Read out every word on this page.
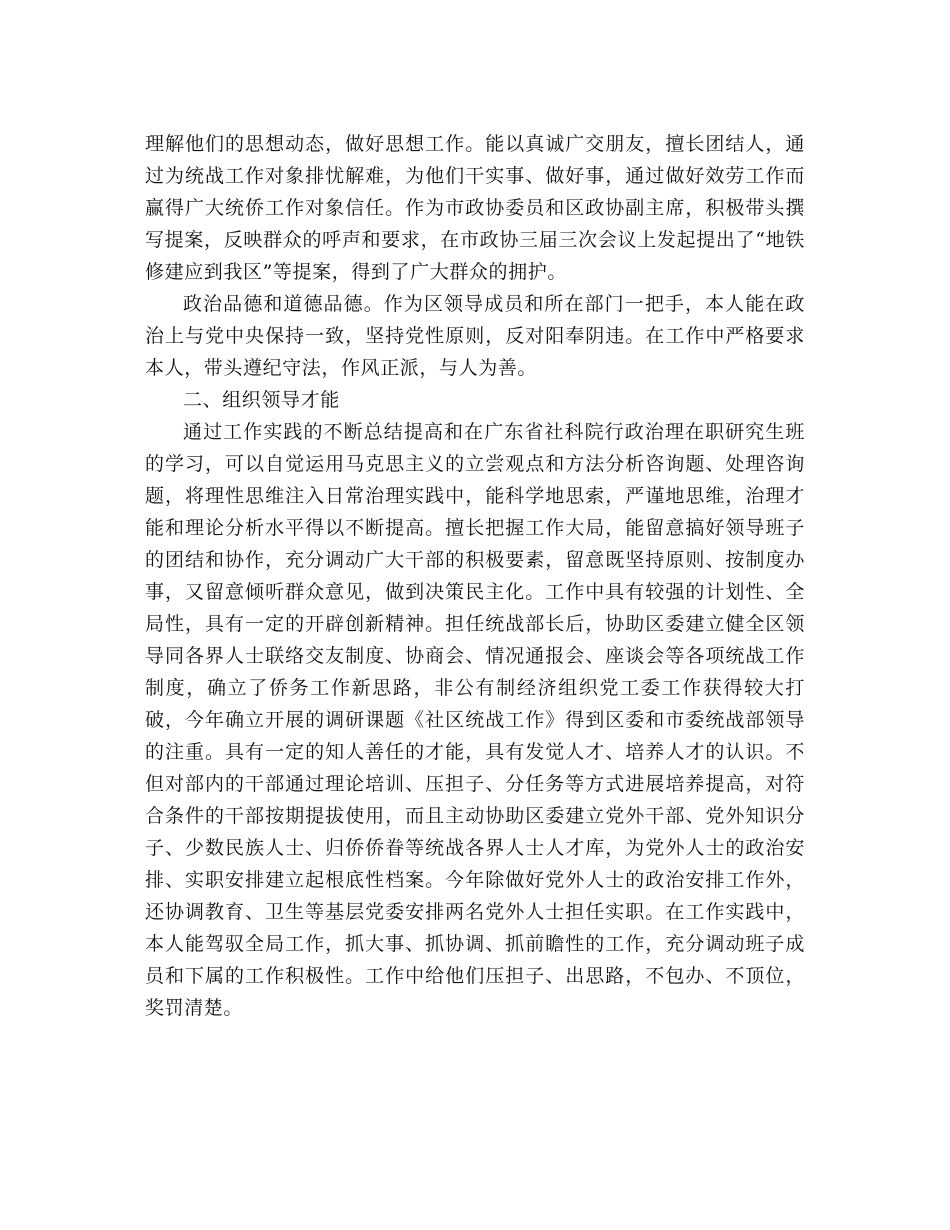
理解他们的思想动态，做好思想工作。能以真诚广交朋友，擅长团结人，通过为统战工作对象排忧解难，为他们干实事、做好事，通过做好效劳工作而赢得广大统侨工作对象信任。作为市政协委员和区政协副主席，积极带头撰写提案，反映群众的呼声和要求，在市政协三届三次会议上发起提出了“地铁修建应到我区”等提案，得到了广大群众的拥护。

政治品德和道德品德。作为区领导成员和所在部门一把手，本人能在政治上与党中央保持一致，坚持党性原则，反对阳奉阴违。在工作中严格要求本人，带头遵纪守法，作风正派，与人为善。

二、组织领导才能

通过工作实践的不断总结提高和在广东省社科院行政治理在职研究生班的学习，可以自觉运用马克思主义的立尝观点和方法分析咨询题、处理咨询题，将理性思维注入日常治理实践中，能科学地思索，严谨地思维，治理才能和理论分析水平得以不断提高。擅长把握工作大局，能留意搞好领导班子的团结和协作，充分调动广大干部的积极要素，留意既坚持原则、按制度办事，又留意倾听群众意见，做到决策民主化。工作中具有较强的计划性、全局性，具有一定的开辟创新精神。担任统战部长后，协助区委建立健全区领导同各界人士联络交友制度、协商会、情况通报会、座谈会等各项统战工作制度，确立了侨务工作新思路，非公有制经济组织党工委工作获得较大打破，今年确立开展的调研课题《社区统战工作》得到区委和市委统战部领导的注重。具有一定的知人善任的才能，具有发觉人才、培养人才的认识。不但对部内的干部通过理论培训、压担子、分任务等方式进展培养提高，对符合条件的干部按期提拔使用，而且主动协助区委建立党外干部、党外知识分子、少数民族人士、归侨侨眷等统战各界人士人才库，为党外人士的政治安排、实职安排建立起根底性档案。今年除做好党外人士的政治安排工作外，还协调教育、卫生等基层党委安排两名党外人士担任实职。在工作实践中，本人能驾驭全局工作，抓大事、抓协调、抓前瞻性的工作，充分调动班子成员和下属的工作积极性。工作中给他们压担子、出思路，不包办、不顶位，奖罚清楚。
